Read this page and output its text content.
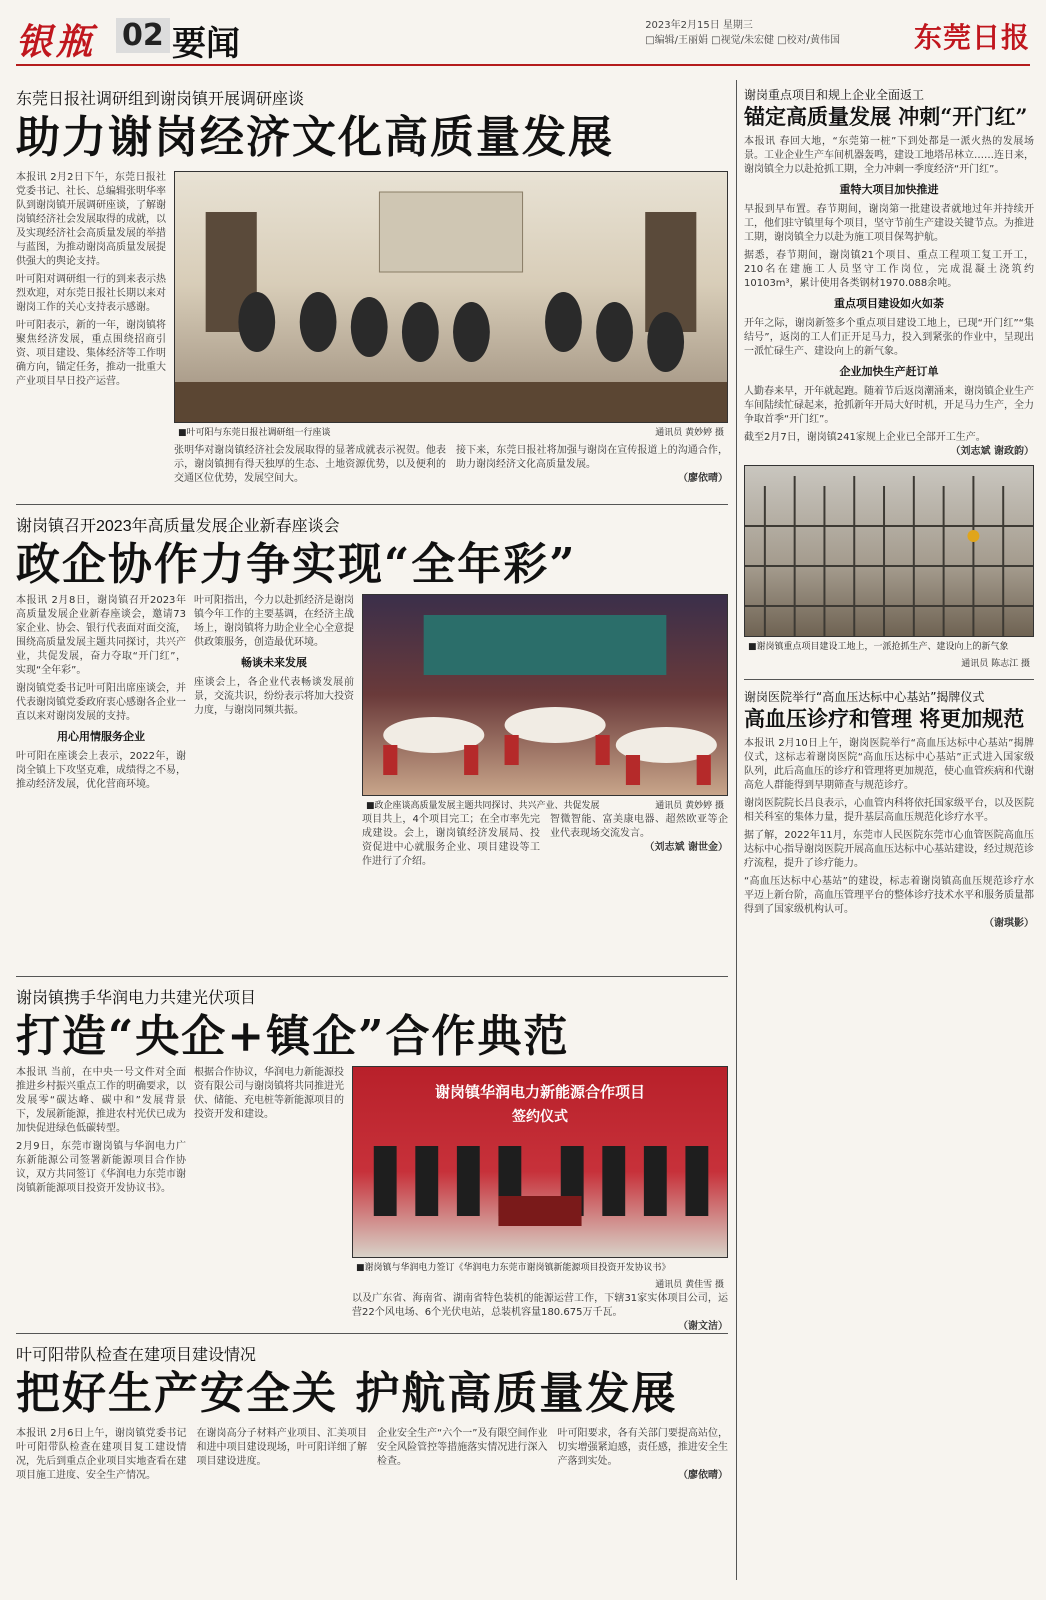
银瓶 02 要闻	2023年2月15日 星期三
□编辑/王丽娟 □视觉/朱宏健 □校对/黄伟国	东莞日报
东莞日报社调研组到谢岗镇开展调研座谈
助力谢岗经济文化高质量发展

本报讯 2月2日下午，东莞日报社党委书记、社长、总编辑张明华率队到谢岗镇开展调研座谈，了解谢岗镇经济社会发展取得的成就，以及实现经济社会高质量发展的举措与蓝图，为推动谢岗高质量发展提供强大的舆论支持。

叶可阳对调研组一行的到来表示热烈欢迎，对东莞日报社长期以来对谢岗工作的关心支持表示感谢。

叶可阳表示，新的一年，谢岗镇将聚焦经济发展，重点围绕招商引资、项目建设、集体经济等工作明确方向，锚定任务，推动一批重大产业项目早日投产运营。

■叶可阳与东莞日报社调研组一行座谈	通讯员 黄妙婷 摄
张明华对谢岗镇经济社会发展取得的显著成就表示祝贺。他表示，谢岗镇拥有得天独厚的生态、土地资源优势，以及便利的交通区位优势，发展空间大。
接下来，东莞日报社将加强与谢岗在宣传报道上的沟通合作，助力谢岗经济文化高质量发展。
（廖依晴）
谢岗镇召开2023年高质量发展企业新春座谈会
政企协作力争实现“全年彩”

本报讯 2月8日，谢岗镇召开2023年高质量发展企业新春座谈会，邀请73家企业、协会、银行代表面对面交流，围绕高质量发展主题共同探讨，共兴产业，共促发展，奋力夺取“开门红”，实现“全年彩”。

谢岗镇党委书记叶可阳出席座谈会，并代表谢岗镇党委政府衷心感谢各企业一直以来对谢岗发展的支持。

用心用情服务企业

叶可阳在座谈会上表示，2022年，谢岗全镇上下攻坚克难，成绩得之不易，推动经济发展，优化营商环境。

叶可阳指出，今力以赴抓经济是谢岗镇今年工作的主要基调，在经济主战场上，谢岗镇将力助企业全心全意提供政策服务，创造最优环境。

畅谈未来发展

座谈会上，各企业代表畅谈发展前景，交流共识，纷纷表示将加大投资力度，与谢岗同频共振。

■政企座谈高质量发展主题共同探讨、共兴产业、共促发展	通讯员 黄妙婷 摄
项目共上，4个项目完工；在全市率先完成建设。会上，谢岗镇经济发展局、投资促进中心就服务企业、项目建设等工作进行了介绍。
智微智能、富美康电器、超然欧亚等企业代表现场交流发言。
（刘志斌 谢世金）
谢岗镇携手华润电力共建光伏项目
打造“央企+镇企”合作典范

本报讯 当前，在中央一号文件对全面推进乡村振兴重点工作的明确要求，以发展零“碳达峰、碳中和”发展背景下，发展新能源，推进农村光伏已成为加快促进绿色低碳转型。

2月9日，东莞市谢岗镇与华润电力广东新能源公司签署新能源项目合作协议，双方共同签订《华润电力东莞市谢岗镇新能源项目投资开发协议书》。

根据合作协议，华润电力新能源投资有限公司与谢岗镇将共同推进光伏、储能、充电桩等新能源项目的投资开发和建设。

谢岗镇华润电力新能源合作项目
签约仪式
■谢岗镇与华润电力签订《华润电力东莞市谢岗镇新能源项目投资开发协议书》
通讯员 黄佳雪 摄
以及广东省、海南省、湖南省特色装机的能源运营工作，下辖31家实体项目公司，运营22个风电场、6个光伏电站，总装机容量180.675万千瓦。
（谢文洁）
叶可阳带队检查在建项目建设情况
把好生产安全关 护航高质量发展
本报讯 2月6日上午，谢岗镇党委书记叶可阳带队检查在建项目复工建设情况，先后到重点企业项目实地查看在建项目施工进度、安全生产情况。
在谢岗高分子材料产业项目、汇美项目和进中项目建设现场，叶可阳详细了解项目建设进度。
企业安全生产“六个一”及有限空间作业安全风险管控等措施落实情况进行深入检查。
叶可阳要求，各有关部门要提高站位，切实增强紧迫感，责任感，推进安全生产落到实处。
（廖依晴）
谢岗重点项目和规上企业全面返工
锚定高质量发展 冲刺“开门红”

本报讯 春回大地，“东莞第一桩”下到处都是一派火热的发展场景。工业企业生产车间机器轰鸣，建设工地塔吊林立……连日来，谢岗镇全力以赴抢抓工期，全力冲刺一季度经济“开门红”。

重特大项目加快推进

早报到早布置。春节期间，谢岗第一批建设者就地过年并持续开工，他们驻守镇里每个项目，坚守节前生产建设关键节点。为推进工期，谢岗镇全力以赴为施工项目保驾护航。

据悉，春节期间，谢岗镇21个项目、重点工程项工复工开工，210名在建施工人员坚守工作岗位，完成混凝土浇筑约10103m³，累计使用各类钢材1970.088余吨。

重点项目建设如火如荼

开年之际，谢岗新签多个重点项目建设工地上，已现“开门红”“集结号”，返岗的工人们正开足马力，投入到紧张的作业中，呈现出一派忙碌生产、建设向上的新气象。

企业加快生产赶订单

人勤春来早，开年就起跑。随着节后返岗潮涌来，谢岗镇企业生产车间陆续忙碌起来，抢抓新年开局大好时机，开足马力生产，全力争取首季“开门红”。

截至2月7日，谢岗镇241家规上企业已全部开工生产。

（刘志斌 谢政韵）
■谢岗镇重点项目建设工地上，一派抢抓生产、建设向上的新气象
通讯员 陈志江 摄
谢岗医院举行“高血压达标中心基站”揭牌仪式
高血压诊疗和管理 将更加规范

本报讯 2月10日上午，谢岗医院举行“高血压达标中心基站”揭牌仪式，这标志着谢岗医院“高血压达标中心基站”正式进入国家级队列，此后高血压的诊疗和管理将更加规范，使心血管疾病和代谢高危人群能得到早期筛查与规范诊疗。

谢岗医院院长吕良表示，心血管内科将依托国家级平台，以及医院相关科室的集体力量，提升基层高血压规范化诊疗水平。

据了解，2022年11月，东莞市人民医院东莞市心血管医院高血压达标中心指导谢岗医院开展高血压达标中心基站建设，经过规范诊疗流程，提升了诊疗能力。

“高血压达标中心基站”的建设，标志着谢岗镇高血压规范诊疗水平迈上新台阶，高血压管理平台的整体诊疗技术水平和服务质量都得到了国家级机构认可。

（谢琪影）
